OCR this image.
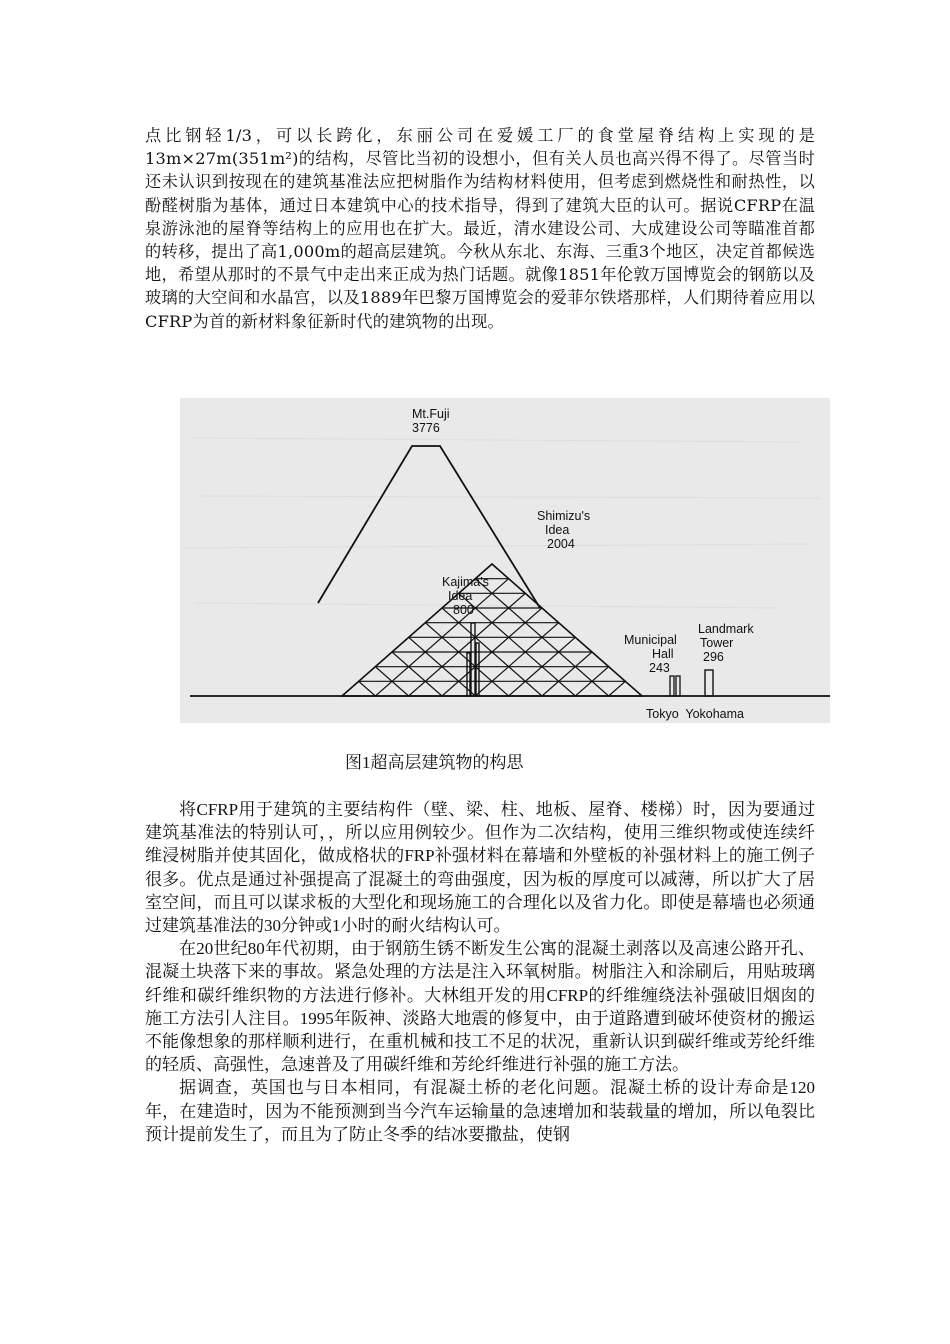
点比钢轻1/3，可以长跨化，东丽公司在爱媛工厂的食堂屋脊结构上实现的是13m×27m(351m²)的结构，尽管比当初的设想小，但有关人员也高兴得不得了。尽管当时还未认识到按现在的建筑基准法应把树脂作为结构材料使用，但考虑到燃烧性和耐热性，以酚醛树脂为基体，通过日本建筑中心的技术指导，得到了建筑大臣的认可。据说CFRP在温泉游泳池的屋脊等结构上的应用也在扩大。最近，清水建设公司、大成建设公司等瞄准首都的转移，提出了高1,000m的超高层建筑。今秋从东北、东海、三重3个地区，决定首都候选地，希望从那时的不景气中走出来正成为热门话题。就像1851年伦敦万国博览会的钢筋以及玻璃的大空间和水晶宫，以及1889年巴黎万国博览会的爱菲尔铁塔那样，人们期待着应用以CFRP为首的新材料象征新时代的建筑物的出现。

Mt.Fuji
3776
Shimizu's
Idea
2004
Kajima's
Idea
800
Municipal
Hall
243
Landmark
Tower
296
Tokyo  Yokohama

图1超高层建筑物的构思

将CFRP用于建筑的主要结构件（壁、梁、柱、地板、屋脊、楼梯）时，因为要通过建筑基准法的特别认可，，所以应用例较少。但作为二次结构，使用三维织物或使连续纤维浸树脂并使其固化，做成格状的FRP补强材料在幕墙和外壁板的补强材料上的施工例子很多。优点是通过补强提高了混凝土的弯曲强度，因为板的厚度可以减薄，所以扩大了居室空间，而且可以谋求板的大型化和现场施工的合理化以及省力化。即使是幕墙也必须通过建筑基准法的30分钟或1小时的耐火结构认可。

在20世纪80年代初期，由于钢筋生锈不断发生公寓的混凝土剥落以及高速公路开孔、混凝土块落下来的事故。紧急处理的方法是注入环氧树脂。树脂注入和涂刷后，用贴玻璃纤维和碳纤维织物的方法进行修补。大林组开发的用CFRP的纤维缠绕法补强破旧烟囱的施工方法引人注目。1995年阪神、淡路大地震的修复中，由于道路遭到破坏使资材的搬运不能像想象的那样顺利进行，在重机械和技工不足的状况，重新认识到碳纤维或芳纶纤维的轻质、高强性，急速普及了用碳纤维和芳纶纤维进行补强的施工方法。

据调查，英国也与日本相同，有混凝土桥的老化问题。混凝土桥的设计寿命是120年，在建造时，因为不能预测到当今汽车运输量的急速增加和装载量的增加，所以龟裂比预计提前发生了，而且为了防止冬季的结冰要撒盐，使钢
